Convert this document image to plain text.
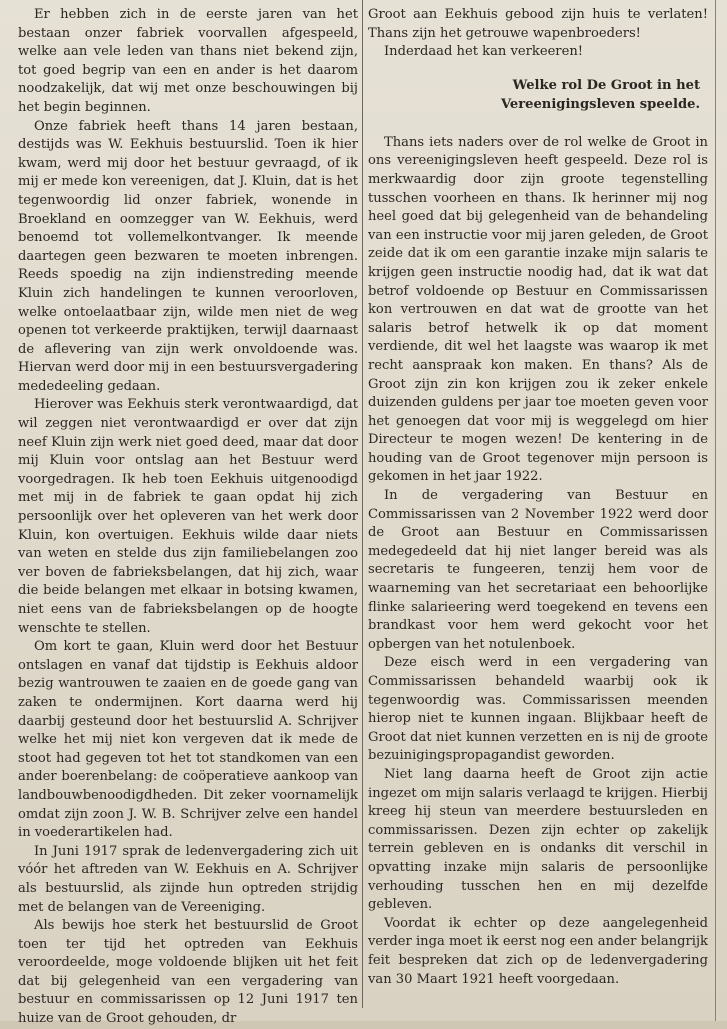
Er hebben zich in de eerste jaren van het bestaan onzer fabriek voorvallen afgespeeld, welke aan vele leden van thans niet bekend zijn, tot goed begrip van een en ander is het daarom noodzakelijk, dat wij met onze beschouwingen bij het begin beginnen.

Onze fabriek heeft thans 14 jaren bestaan, destijds was W. Eekhuis bestuurslid. Toen ik hier kwam, werd mij door het bestuur gevraagd, of ik mij er mede kon vereenigen, dat J. Kluin, dat is het tegenwoordig lid onzer fabriek, wonende in Broekland en oomzegger van W. Eekhuis, werd benoemd tot vollemelkontvanger. Ik meende daartegen geen bezwaren te moeten inbrengen. Reeds spoedig na zijn indienstreding meende Kluin zich handelingen te kunnen veroorloven, welke ontoelaatbaar zijn, wilde men niet de weg openen tot verkeerde praktijken, terwijl daarnaast de aflevering van zijn werk onvoldoende was. Hiervan werd door mij in een bestuursvergadering mededeeling gedaan.

Hierover was Eekhuis sterk verontwaardigd, dat wil zeggen niet verontwaardigd er over dat zijn neef Kluin zijn werk niet goed deed, maar dat door mij Kluin voor ontslag aan het Bestuur werd voorgedragen. Ik heb toen Eekhuis uitgenoodigd met mij in de fabriek te gaan opdat hij zich persoonlijk over het opleveren van het werk door Kluin, kon overtuigen. Eekhuis wilde daar niets van weten en stelde dus zijn familiebelangen zoo ver boven de fabrieksbelangen, dat hij zich, waar die beide belangen met elkaar in botsing kwamen, niet eens van de fabrieksbelangen op de hoogte wenschte te stellen.

Om kort te gaan, Kluin werd door het Bestuur ontslagen en vanaf dat tijdstip is Eekhuis aldoor bezig wantrouwen te zaaien en de goede gang van zaken te ondermijnen. Kort daarna werd hij daarbij gesteund door het bestuurslid A. Schrijver welke het mij niet kon vergeven dat ik mede de stoot had gegeven tot het tot standkomen van een ander boerenbelang: de coöperatieve aankoop van landbouwbenoodigdheden. Dit zeker voornamelijk omdat zijn zoon J. W. B. Schrijver zelve een handel in voederartikelen had.

In Juni 1917 sprak de ledenvergadering zich uit vóór het aftreden van W. Eekhuis en A. Schrijver als bestuurslid, als zijnde hun optreden strijdig met de belangen van de Vereeniging.

Als bewijs hoe sterk het bestuurslid de Groot toen ter tijd het optreden van Eekhuis veroordeelde, moge voldoende blijken uit het feit dat bij gelegenheid van een vergadering van bestuur en commissarissen op 12 Juni 1917 ten huize van de Groot gehouden, dr

Groot aan Eekhuis gebood zijn huis te verlaten! Thans zijn het getrouwe wapenbroeders!

Inderdaad het kan verkeeren!

Welke rol De Groot in het Vereenigingsleven speelde.

Thans iets naders over de rol welke de Groot in ons vereenigingsleven heeft gespeeld. Deze rol is merkwaardig door zijn groote tegenstelling tusschen voorheen en thans. Ik herinner mij nog heel goed dat bij gelegenheid van de behandeling van een instructie voor mij jaren geleden, de Groot zeide dat ik om een garantie inzake mijn salaris te krijgen geen instructie noodig had, dat ik wat dat betrof voldoende op Bestuur en Commissarissen kon vertrouwen en dat wat de grootte van het salaris betrof hetwelk ik op dat moment verdiende, dit wel het laagste was waarop ik met recht aanspraak kon maken. En thans? Als de Groot zijn zin kon krijgen zou ik zeker enkele duizenden guldens per jaar toe moeten geven voor het genoegen dat voor mij is weggelegd om hier Directeur te mogen wezen! De kentering in de houding van de Groot tegenover mijn persoon is gekomen in het jaar 1922.

In de vergadering van Bestuur en Commissarissen van 2 November 1922 werd door de Groot aan Bestuur en Commissarissen medegedeeld dat hij niet langer bereid was als secretaris te fungeeren, tenzij hem voor de waarneming van het secretariaat een behoorlijke flinke salarieering werd toegekend en tevens een brandkast voor hem werd gekocht voor het opbergen van het notulenboek.

Deze eisch werd in een vergadering van Commissarissen behandeld waarbij ook ik tegenwoordig was. Commissarissen meenden hierop niet te kunnen ingaan. Blijkbaar heeft de Groot dat niet kunnen verzetten en is nij de groote bezuinigingspropagandist geworden.

Niet lang daarna heeft de Groot zijn actie ingezet om mijn salaris verlaagd te krijgen. Hierbij kreeg hij steun van meerdere bestuursleden en commissarissen. Dezen zijn echter op zakelijk terrein gebleven en is ondanks dit verschil in opvatting inzake mijn salaris de persoonlijke verhouding tusschen hen en mij dezelfde gebleven.

Voordat ik echter op deze aangelegenheid verder inga moet ik eerst nog een ander belangrijk feit bespreken dat zich op de ledenvergadering van 30 Maart 1921 heeft voorgedaan.
